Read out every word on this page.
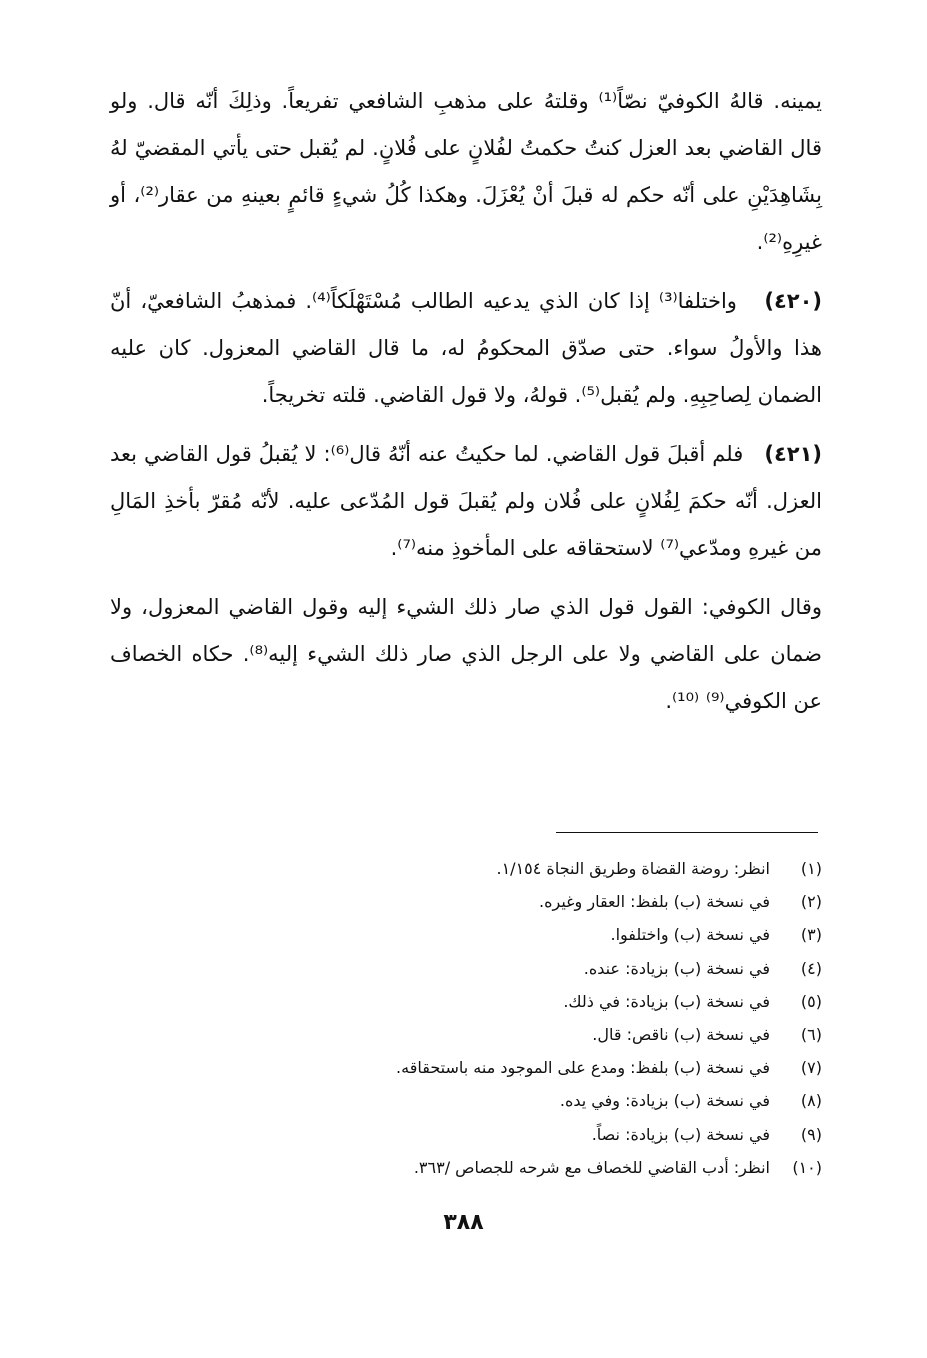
يمينه. قالهُ الكوفيّ نصّاً⁽¹⁾ وقلتهُ على مذهبِ الشافعي تفريعاً. وذلِكَ أنّه قال. ولو قال القاضي بعد العزل كنتُ حكمتُ لفُلانٍ على فُلانٍ. لم يُقبل حتى يأتي المقضيّ لهُ بِشَاهِدَيْنِ على أنّه حكم له قبلَ أنْ يُعْزَلَ. وهكذا كُلُ شيءٍ قائمٍ بعينهِ من عقار⁽²⁾، أو غيرِهِ⁽²⁾.

(٤٢٠)   واختلفا⁽³⁾ إذا كان الذي يدعيه الطالب مُسْتَهْلَكاً⁽⁴⁾. فمذهبُ الشافعيّ، أنّ هذا والأولُ سواء. حتى صدّق المحكومُ له، ما قال القاضي المعزول. كان عليه الضمان لِصاحِبِهِ. ولم يُقبل⁽⁵⁾. قولهُ، ولا قول القاضي. قلته تخريجاً.

(٤٢١)   فلم أقبلَ قول القاضي. لما حكيتُ عنه أنّهُ قال⁽⁶⁾: لا يُقبلُ قول القاضي بعد العزل. أنّه حكمَ لِفُلانٍ على فُلان ولم يُقبلَ قول المُدّعى عليه. لأنّه مُقرّ بأخذِ المَالِ من غيرهِ ومدّعي⁽⁷⁾ لاستحقاقه على المأخوذِ منه⁽⁷⁾.

وقال الكوفي: القول قول الذي صار ذلك الشيء إليه وقول القاضي المعزول، ولا ضمان على القاضي ولا على الرجل الذي صار ذلك الشيء إليه⁽⁸⁾. حكاه الخصاف عن الكوفي⁽⁹⁾ ⁽¹⁰⁾.

(١)
انظر: روضة القضاة وطريق النجاة ١/١٥٤.
(٢)
في نسخة (ب) بلفظ: العقار وغيره.
(٣)
في نسخة (ب) واختلفوا.
(٤)
في نسخة (ب) بزيادة: عنده.
(٥)
في نسخة (ب) بزيادة: في ذلك.
(٦)
في نسخة (ب) ناقص: قال.
(٧)
في نسخة (ب) بلفظ: ومدع على الموجود منه باستحقاقه.
(٨)
في نسخة (ب) بزيادة: وفي يده.
(٩)
في نسخة (ب) بزيادة: نصاً.
(١٠)
انظر: أدب القاضي للخصاف مع شرحه للجصاص /٣٦٣.
٣٨٨
